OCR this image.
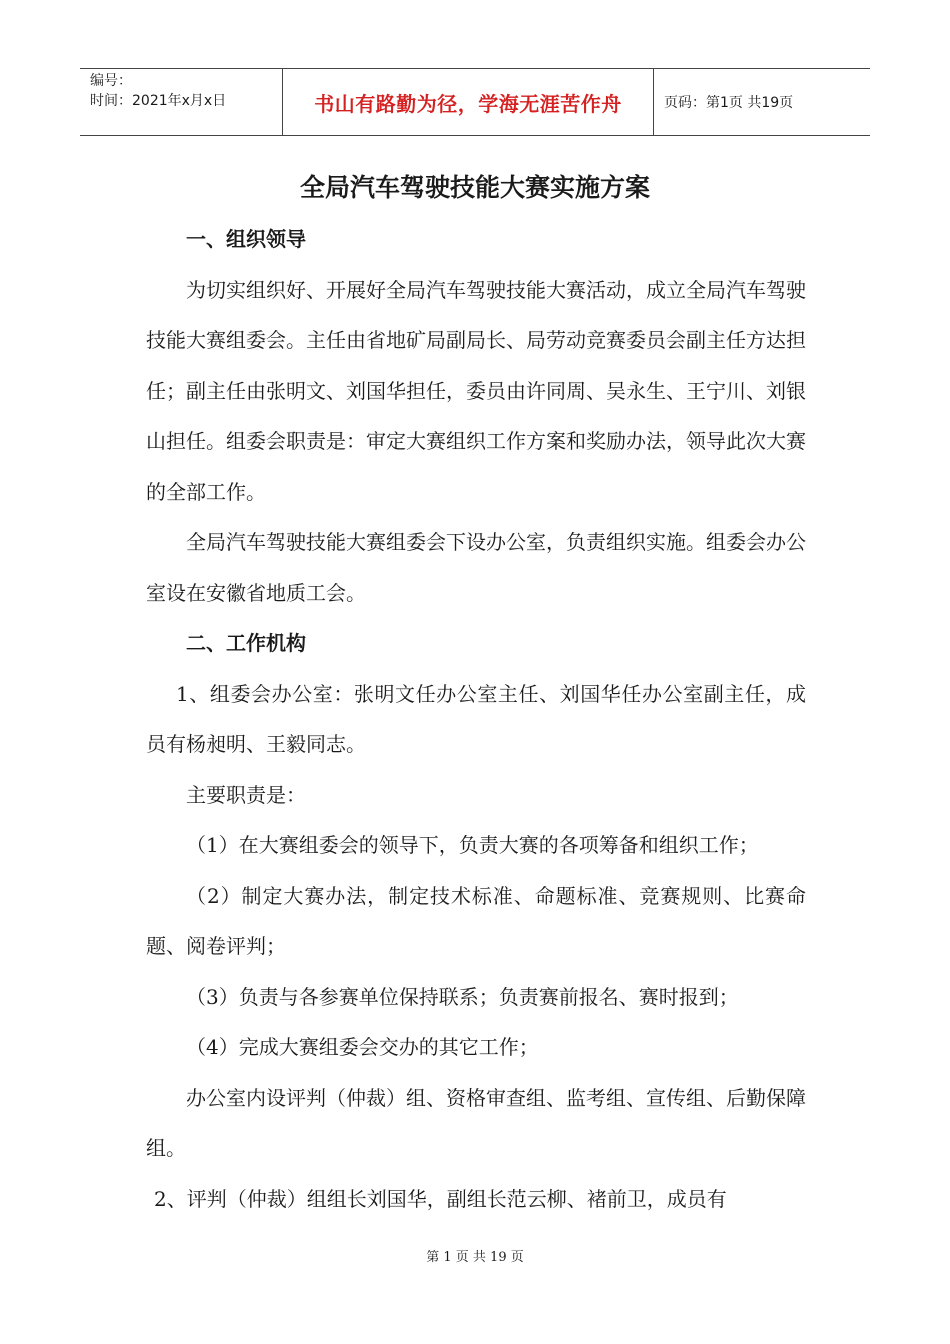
编号：
时间：2021年x月x日	书山有路勤为径，学海无涯苦作舟	页码：第1页 共19页
全局汽车驾驶技能大赛实施方案

一、组织领导

为切实组织好、开展好全局汽车驾驶技能大赛活动，成立全局汽车驾驶技能大赛组委会。主任由省地矿局副局长、局劳动竞赛委员会副主任方达担任；副主任由张明文、刘国华担任，委员由许同周、吴永生、王宁川、刘银山担任。组委会职责是：审定大赛组织工作方案和奖励办法，领导此次大赛的全部工作。

全局汽车驾驶技能大赛组委会下设办公室，负责组织实施。组委会办公室设在安徽省地质工会。

二、工作机构

1、组委会办公室：张明文任办公室主任、刘国华任办公室副主任，成员有杨昶明、王毅同志。

主要职责是：

（1）在大赛组委会的领导下，负责大赛的各项筹备和组织工作；

（2）制定大赛办法，制定技术标准、命题标准、竞赛规则、比赛命题、阅卷评判；

（3）负责与各参赛单位保持联系；负责赛前报名、赛时报到；

（4）完成大赛组委会交办的其它工作；

办公室内设评判（仲裁）组、资格审查组、监考组、宣传组、后勤保障组。

2、评判（仲裁）组组长刘国华，副组长范云柳、褚前卫，成员有

第 1 页 共 19 页
